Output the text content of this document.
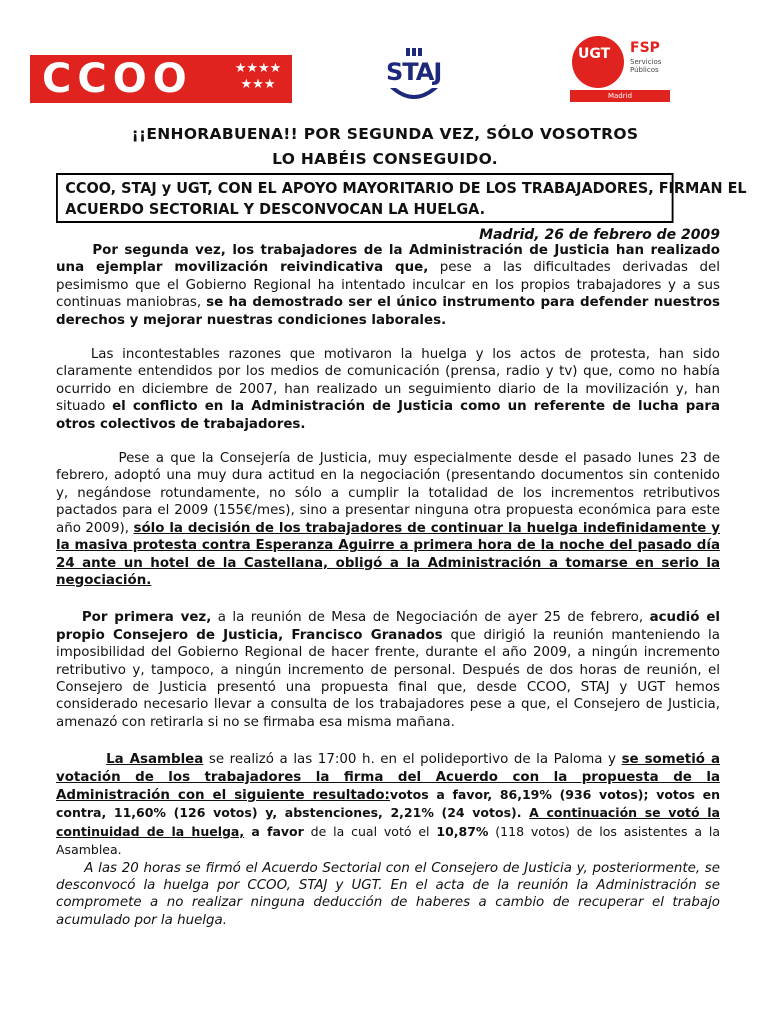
CCOO	★★★★
★★★	STAJ
UGT FSP
Servicios Públicos
Madrid
¡¡ENHORABUENA!! POR SEGUNDA VEZ, SÓLO VOSOTROS
LO HABÉIS CONSEGUIDO.
CCOO, STAJ y UGT, CON EL APOYO MAYORITARIO DE LOS TRABAJADORES, FIRMAN EL
ACUERDO SECTORIAL Y DESCONVOCAN LA HUELGA.
Madrid, 26 de febrero de 2009

Por segunda vez, los trabajadores de la Administración de Justicia han realizado una ejemplar movilización reivindicativa que, pese a las dificultades derivadas del pesimismo que el Gobierno Regional ha intentado inculcar en los propios trabajadores y a sus continuas maniobras, se ha demostrado ser el único instrumento para defender nuestros derechos y mejorar nuestras condiciones laborales.

Las incontestables razones que motivaron la huelga y los actos de protesta, han sido claramente entendidos por los medios de comunicación (prensa, radio y tv) que, como no había ocurrido en diciembre de 2007, han realizado un seguimiento diario de la movilización y, han situado el conflicto en la Administración de Justicia como un referente de lucha para otros colectivos de trabajadores.

Pese a que la Consejería de Justicia, muy especialmente desde el pasado lunes 23 de febrero, adoptó una muy dura actitud en la negociación (presentando documentos sin contenido y, negándose rotundamente, no sólo a cumplir la totalidad de los incrementos retributivos pactados para el 2009 (155€/mes), sino a presentar ninguna otra propuesta económica para este año 2009), sólo la decisión de los trabajadores de continuar la huelga indefinidamente y la masiva protesta contra Esperanza Aguirre a primera hora de la noche del pasado día 24 ante un hotel de la Castellana, obligó a la Administración a tomarse en serio la negociación.

Por primera vez, a la reunión de Mesa de Negociación de ayer 25 de febrero, acudió el propio Consejero de Justicia, Francisco Granados que dirigió la reunión manteniendo la imposibilidad del Gobierno Regional de hacer frente, durante el año 2009, a ningún incremento retributivo y, tampoco, a ningún incremento de personal. Después de dos horas de reunión, el Consejero de Justicia presentó una propuesta final que, desde CCOO, STAJ y UGT hemos considerado necesario llevar a consulta de los trabajadores pese a que, el Consejero de Justicia, amenazó con retirarla si no se firmaba esa misma mañana.

La Asamblea se realizó a las 17:00 h. en el polideportivo de la Paloma y se sometió a votación de los trabajadores la firma del Acuerdo con la propuesta de la Administración con el siguiente resultado:votos a favor, 86,19% (936 votos); votos en contra, 11,60% (126 votos) y, abstenciones, 2,21% (24 votos). A continuación se votó la continuidad de la huelga, a favor de la cual votó el 10,87% (118 votos) de los asistentes a la Asamblea.

A las 20 horas se firmó el Acuerdo Sectorial con el Consejero de Justicia y, posteriormente, se desconvocó la huelga por CCOO, STAJ y UGT. En el acta de la reunión la Administración se compromete a no realizar ninguna deducción de haberes a cambio de recuperar el trabajo acumulado por la huelga.
